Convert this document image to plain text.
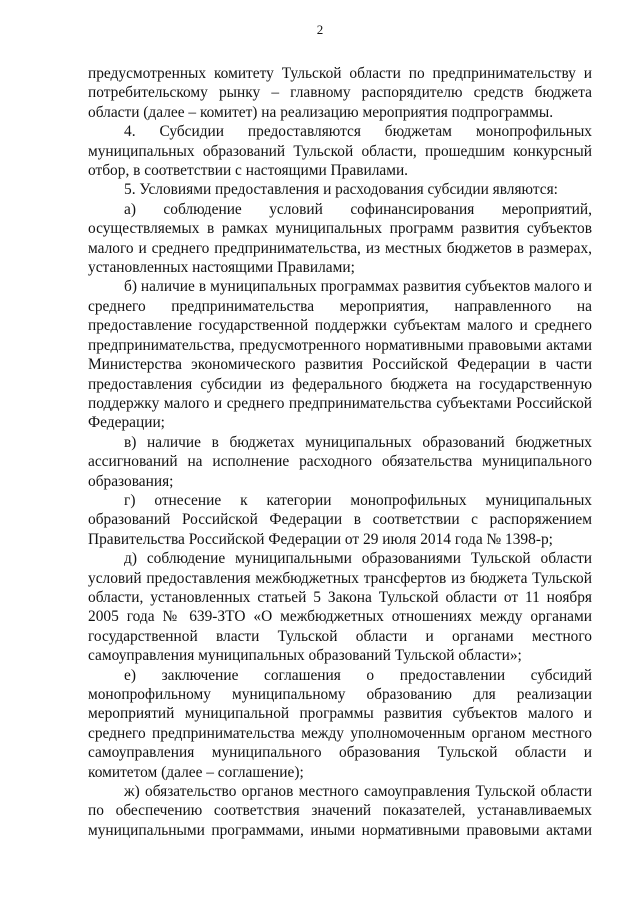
2
предусмотренных комитету Тульской области по предпринимательству и
потребительскому рынку – главному распорядителю средств бюджета
области (далее – комитет) на реализацию мероприятия подпрограммы.
4. Субсидии предоставляются бюджетам монопрофильных
муниципальных образований Тульской области, прошедшим конкурсный
отбор, в соответствии с настоящими Правилами.
5. Условиями предоставления и расходования субсидии являются:
а) соблюдение условий софинансирования мероприятий,
осуществляемых в рамках муниципальных программ развития субъектов
малого и среднего предпринимательства, из местных бюджетов в размерах,
установленных настоящими Правилами;
б) наличие в муниципальных программах развития субъектов малого и
среднего предпринимательства мероприятия, направленного на
предоставление государственной поддержки субъектам малого и среднего
предпринимательства, предусмотренного нормативными правовыми актами
Министерства экономического развития Российской Федерации в части
предоставления субсидии из федерального бюджета на государственную
поддержку малого и среднего предпринимательства субъектами Российской
Федерации;
в) наличие в бюджетах муниципальных образований бюджетных
ассигнований на исполнение расходного обязательства муниципального
образования;
г) отнесение к категории монопрофильных муниципальных
образований Российской Федерации в соответствии с распоряжением
Правительства Российской Федерации от 29 июля 2014 года № 1398-р;
д) соблюдение муниципальными образованиями Тульской области
условий предоставления межбюджетных трансфертов из бюджета Тульской
области, установленных статьей 5 Закона Тульской области от 11 ноября
2005 года № 639-ЗТО «О межбюджетных отношениях между органами
государственной власти Тульской области и органами местного
самоуправления муниципальных образований Тульской области»;
е) заключение соглашения о предоставлении субсидий
монопрофильному муниципальному образованию для реализации
мероприятий муниципальной программы развития субъектов малого и
среднего предпринимательства между уполномоченным органом местного
самоуправления муниципального образования Тульской области и
комитетом (далее – соглашение);
ж) обязательство органов местного самоуправления Тульской области
по обеспечению соответствия значений показателей, устанавливаемых
муниципальными программами, иными нормативными правовыми актами
